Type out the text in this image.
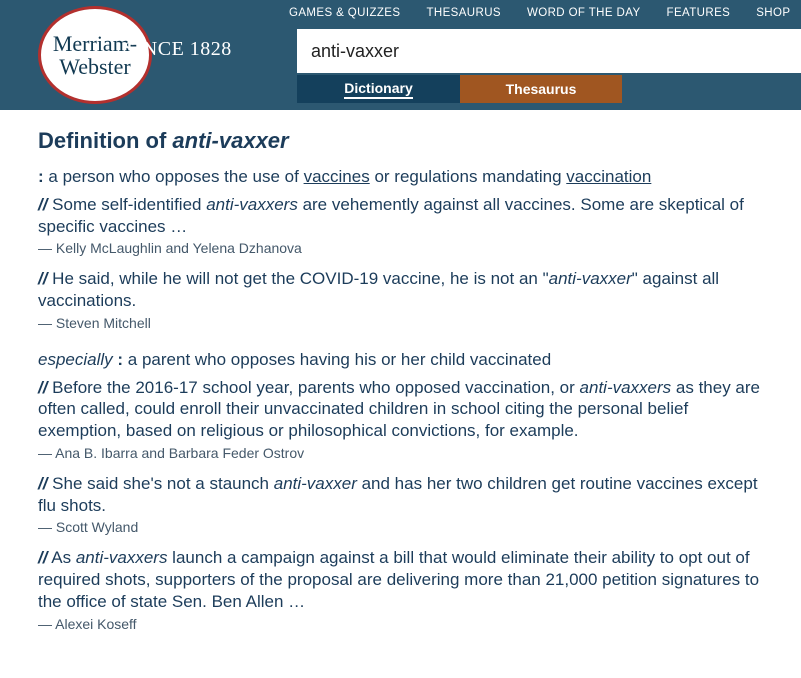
GAMES & QUIZZES THESAURUS WORD OF THE DAY FEATURES SHOP
Merriam-
Webster
SINCE 1828
anti-vaxxer
Dictionary	Thesaurus
Definition of anti-vaxxer
: a person who opposes the use of vaccines or regulations mandating vaccination
// Some self-identified anti-vaxxers are vehemently against all vaccines. Some are skeptical of specific vaccines …
— Kelly McLaughlin and Yelena Dzhanova
// He said, while he will not get the COVID-19 vaccine, he is not an "anti-vaxxer" against all vaccinations.
— Steven Mitchell
especially : a parent who opposes having his or her child vaccinated
// Before the 2016-17 school year, parents who opposed vaccination, or anti-vaxxers as they are often called, could enroll their unvaccinated children in school citing the personal belief exemption, based on religious or philosophical convictions, for example.
— Ana B. Ibarra and Barbara Feder Ostrov
// She said she's not a staunch anti-vaxxer and has her two children get routine vaccines except flu shots.
— Scott Wyland
// As anti-vaxxers launch a campaign against a bill that would eliminate their ability to opt out of required shots, supporters of the proposal are delivering more than 21,000 petition signatures to the office of state Sen. Ben Allen …
— Alexei Koseff
